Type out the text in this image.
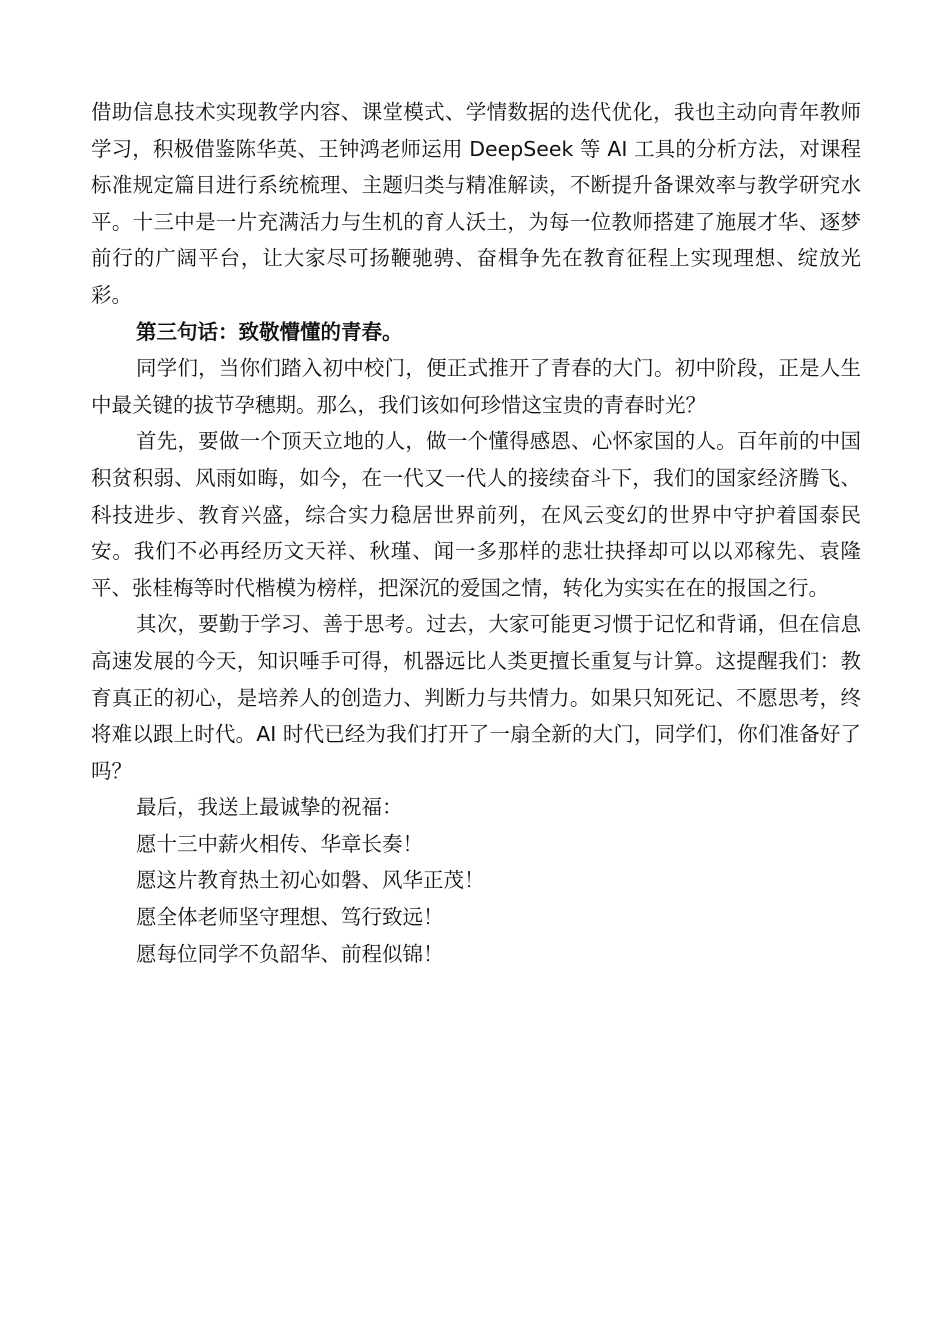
借助信息技术实现教学内容、课堂模式、学情数据的迭代优化，我也主动向青年教师学习，积极借鉴陈华英、王钟鸿老师运用 DeepSeek 等 AI 工具的分析方法，对课程标准规定篇目进行系统梳理、主题归类与精准解读，不断提升备课效率与教学研究水平。十三中是一片充满活力与生机的育人沃土，为每一位教师搭建了施展才华、逐梦前行的广阔平台，让大家尽可扬鞭驰骋、奋楫争先在教育征程上实现理想、绽放光彩。

第三句话：致敬懵懂的青春。

同学们，当你们踏入初中校门，便正式推开了青春的大门。初中阶段，正是人生中最关键的拔节孕穗期。那么，我们该如何珍惜这宝贵的青春时光？

首先，要做一个顶天立地的人，做一个懂得感恩、心怀家国的人。百年前的中国积贫积弱、风雨如晦，如今，在一代又一代人的接续奋斗下，我们的国家经济腾飞、科技进步、教育兴盛，综合实力稳居世界前列，在风云变幻的世界中守护着国泰民安。我们不必再经历文天祥、秋瑾、闻一多那样的悲壮抉择却可以以邓稼先、袁隆平、张桂梅等时代楷模为榜样，把深沉的爱国之情，转化为实实在在的报国之行。

其次，要勤于学习、善于思考。过去，大家可能更习惯于记忆和背诵，但在信息高速发展的今天，知识唾手可得，机器远比人类更擅长重复与计算。这提醒我们：教育真正的初心，是培养人的创造力、判断力与共情力。如果只知死记、不愿思考，终将难以跟上时代。AI 时代已经为我们打开了一扇全新的大门，同学们，你们准备好了吗？

最后，我送上最诚挚的祝福：
愿十三中薪火相传、华章长奏！
愿这片教育热土初心如磐、风华正茂！
愿全体老师坚守理想、笃行致远！
愿每位同学不负韶华、前程似锦！
